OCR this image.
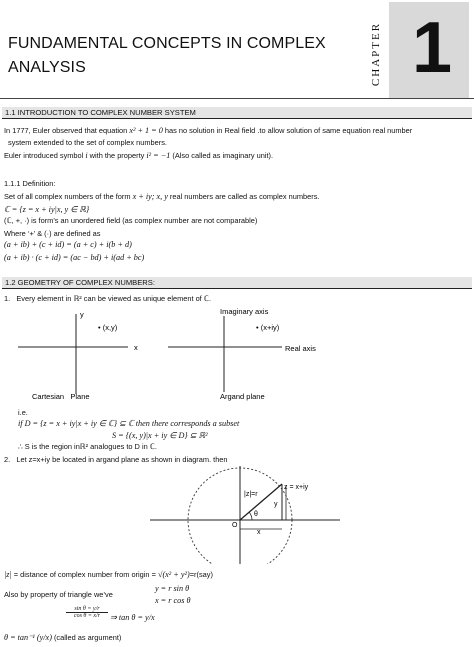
FUNDAMENTAL CONCEPTS IN COMPLEX
ANALYSIS	CHAPTER 1
1.1 INTRODUCTION TO COMPLEX NUMBER SYSTEM
In 1777, Euler observed that equation x² + 1 = 0 has no solution in Real field .to allow solution of same equation real number
system extended to the set of complex numbers.
Euler introduced symbol i with the property i² = −1 (Also called as imaginary unit).
1.1.1 Definition:
Set of all complex numbers of the form x + iy; x, y real numbers are called as complex numbers.
ℂ = {z = x + iy|x, y ∈ ℝ}
(ℂ, +, ·) is form’s an unordered field (as complex number are not comparable)
Where ‘+’ & (·) are defined as
(a + ib) + (c + id) = (a + c) + i(b + d)
(a + ib) · (c + id) = (ac − bd) + i(ad + bc)
1.2 GEOMETRY OF COMPLEX NUMBERS:
1. Every element in ℝ² can be viewed as unique element of ℂ.
y
• (x,y)
x
Cartesian   Plane
Imaginary axis
• (x+iy)
Real axis
Argand plane
i.e.
if D = {z = x + iy|x + iy ∈ ℂ} ⊆ ℂ then there corresponds a subset
S = {(x, y)|x + iy ∈ D} ⊆ ℝ²
∴ S is the region inℝ² analogues to D in ℂ.
2. Let z=x+iy be located in argand plane as shown in diagram. then
z = x+iy
|z|=r
y
θ
O
x
|z| = distance of complex number from origin = √(x² + y²)=r(say)
Also by property of triangle we’ve
y = r sin θ
x = r cos θ
$\frac{\text{sin θ = y/r}}{\text{cos θ = x/r}}$ ⇒ tan θ = y/x
θ = tan⁻¹ (y/x) (called as argument)
